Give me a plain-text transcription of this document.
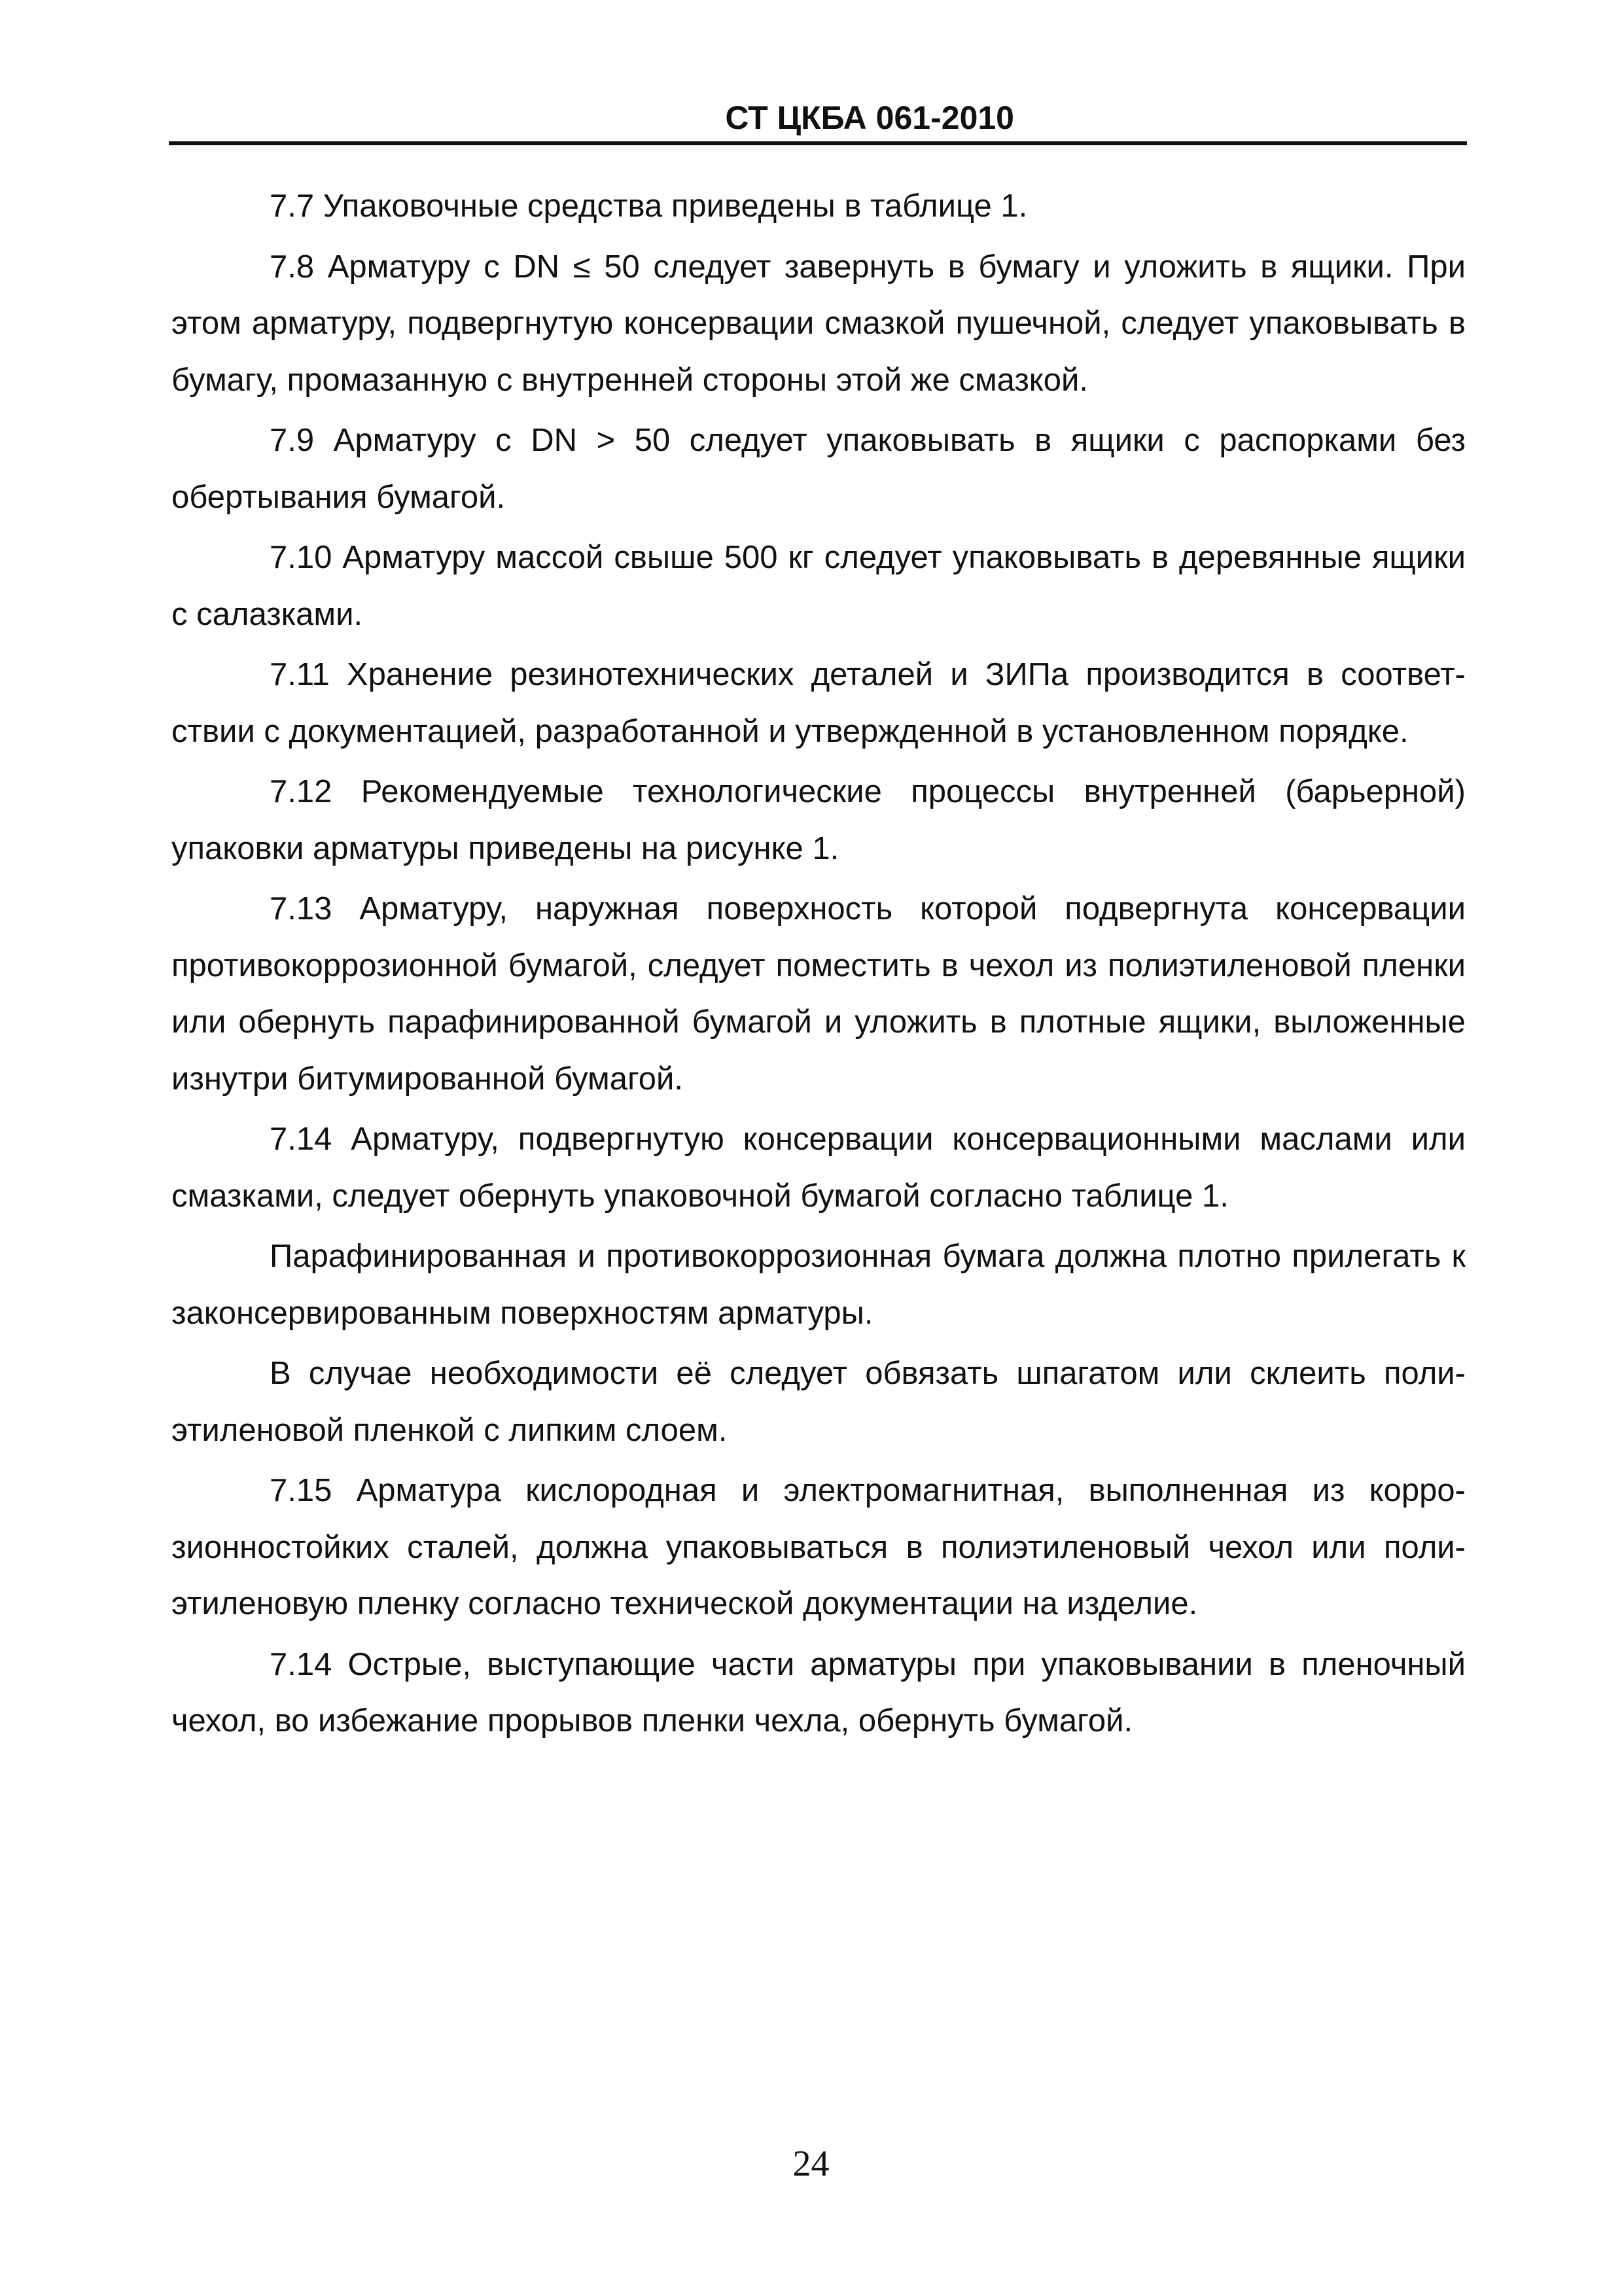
СТ ЦКБА 061-2010

7.7 Упаковочные средства приведены в таблице 1.

7.8 Арматуру с DN ≤ 50 следует завернуть в бумагу и уложить в ящики. При этом арматуру, подвергнутую консервации смазкой пушечной, следует упаковывать в бумагу, промазанную с внутренней стороны этой же смазкой.

7.9 Арматуру с DN > 50 следует упаковывать в ящики с распорками без обертывания бумагой.

7.10 Арматуру массой свыше 500 кг следует упаковывать в деревянные ящики с салазками.

7.11 Хранение резинотехнических деталей и ЗИПа производится в соответствии с документацией, разработанной и утвержденной в установленном порядке.

7.12 Рекомендуемые технологические процессы внутренней (барьерной) упаковки арматуры приведены на рисунке 1.

7.13 Арматуру, наружная поверхность которой подвергнута консервации противокоррозионной бумагой, следует поместить в чехол из полиэтиленовой пленки или обернуть парафинированной бумагой и уложить в плотные ящики, выложенные изнутри битумированной бумагой.

7.14 Арматуру, подвергнутую консервации консервационными маслами или смазками, следует обернуть упаковочной бумагой согласно таблице 1.

Парафинированная и противокоррозионная бумага должна плотно прилегать к законсервированным поверхностям арматуры.

В случае необходимости её следует обвязать шпагатом или склеить полиэтиленовой пленкой с липким слоем.

7.15 Арматура кислородная и электромагнитная, выполненная из коррозионностойких сталей, должна упаковываться в полиэтиленовый чехол или полиэтиленовую пленку согласно технической документации на изделие.

7.14 Острые, выступающие части арматуры при упаковывании в пленочный чехол, во избежание прорывов пленки чехла, обернуть бумагой.

24
